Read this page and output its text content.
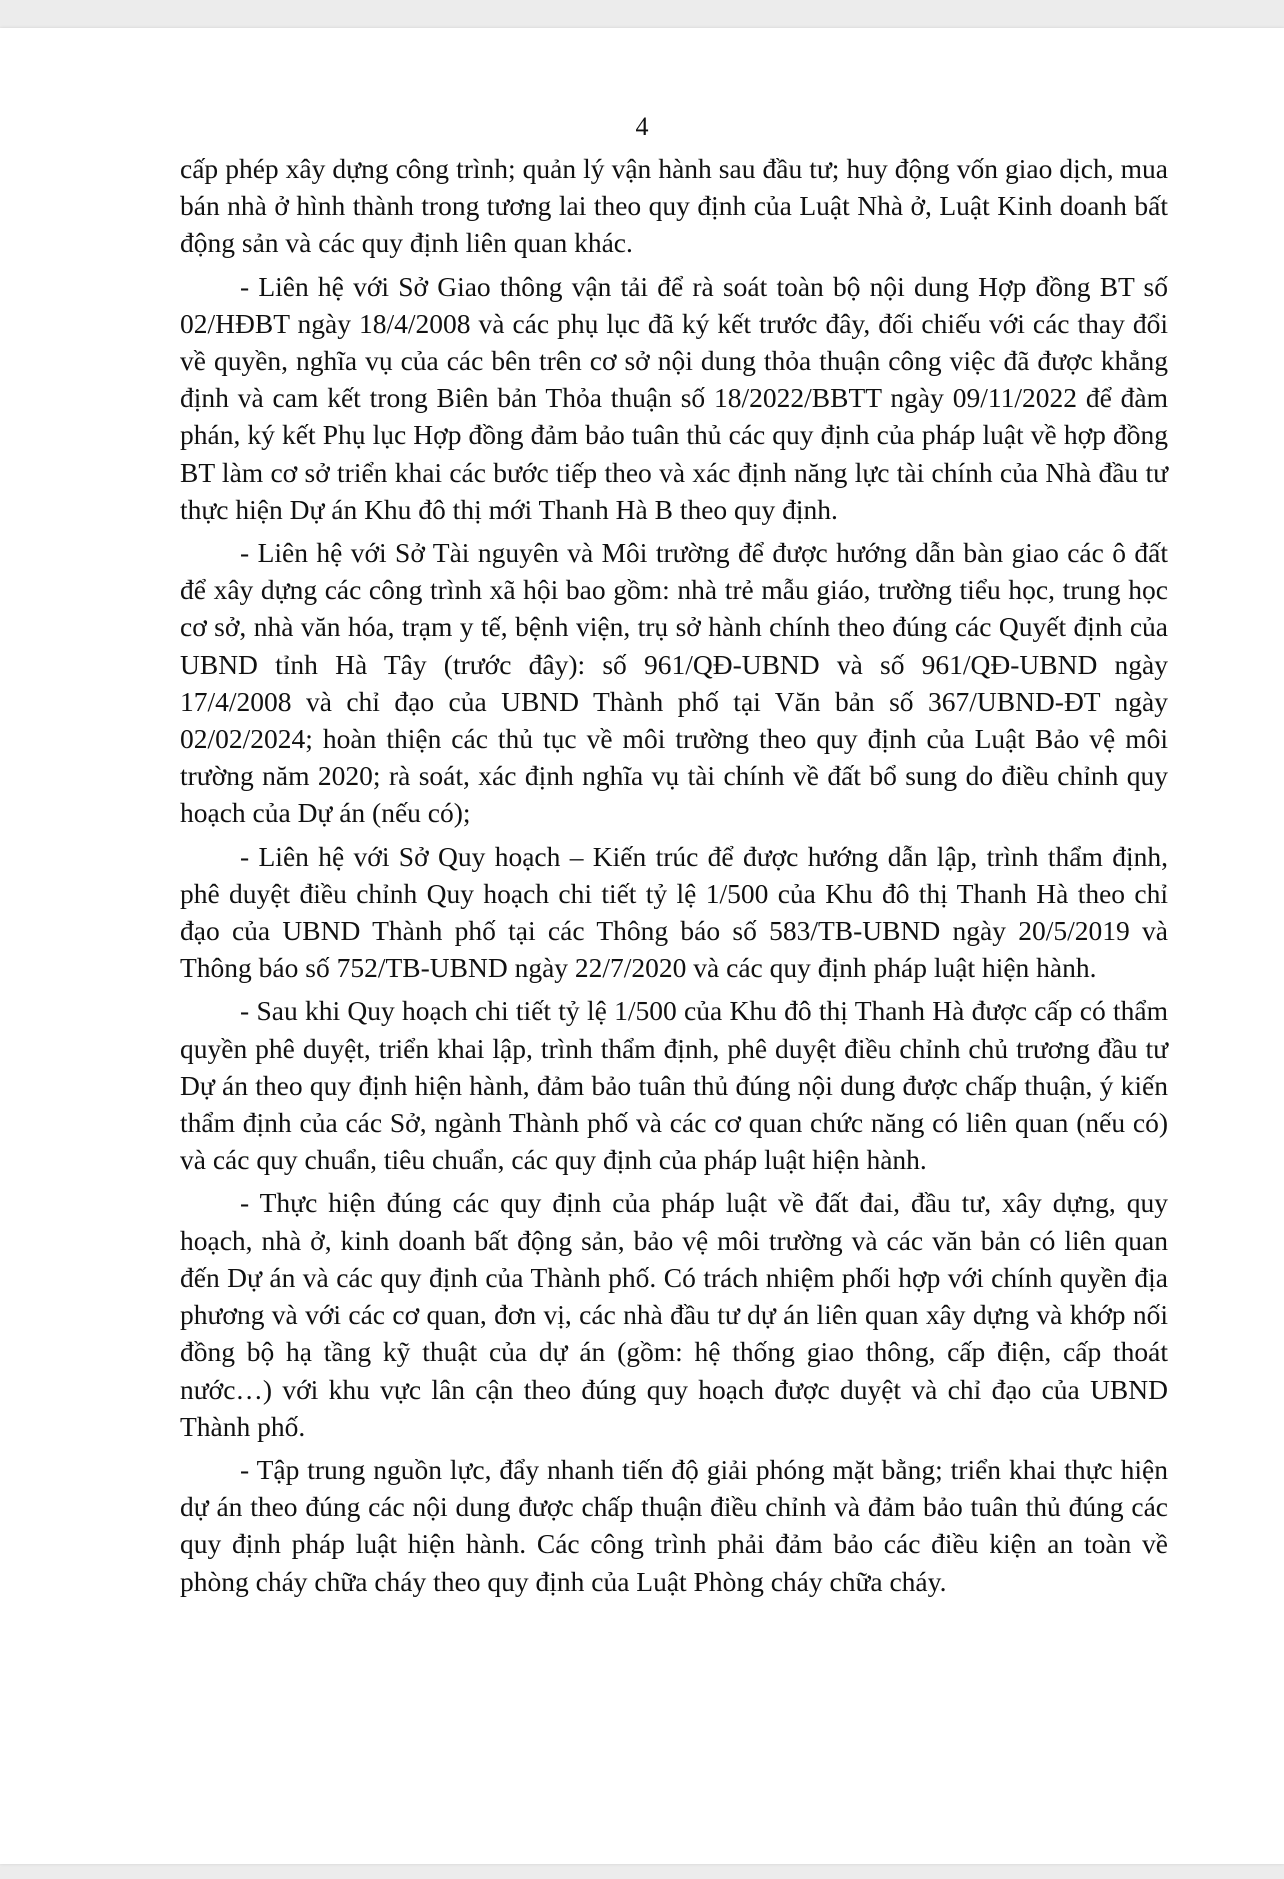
4

cấp phép xây dựng công trình; quản lý vận hành sau đầu tư; huy động vốn giao dịch, mua bán nhà ở hình thành trong tương lai theo quy định của Luật Nhà ở, Luật Kinh doanh bất động sản và các quy định liên quan khác.

- Liên hệ với Sở Giao thông vận tải để rà soát toàn bộ nội dung Hợp đồng BT số 02/HĐBT ngày 18/4/2008 và các phụ lục đã ký kết trước đây, đối chiếu với các thay đổi về quyền, nghĩa vụ của các bên trên cơ sở nội dung thỏa thuận công việc đã được khẳng định và cam kết trong Biên bản Thỏa thuận số 18/2022/BBTT ngày 09/11/2022 để đàm phán, ký kết Phụ lục Hợp đồng đảm bảo tuân thủ các quy định của pháp luật về hợp đồng BT làm cơ sở triển khai các bước tiếp theo và xác định năng lực tài chính của Nhà đầu tư thực hiện Dự án Khu đô thị mới Thanh Hà B theo quy định.

- Liên hệ với Sở Tài nguyên và Môi trường để được hướng dẫn bàn giao các ô đất để xây dựng các công trình xã hội bao gồm: nhà trẻ mẫu giáo, trường tiểu học, trung học cơ sở, nhà văn hóa, trạm y tế, bệnh viện, trụ sở hành chính theo đúng các Quyết định của UBND tỉnh Hà Tây (trước đây): số 961/QĐ-UBND và số 961/QĐ-UBND ngày 17/4/2008 và chỉ đạo của UBND Thành phố tại Văn bản số 367/UBND-ĐT ngày 02/02/2024; hoàn thiện các thủ tục về môi trường theo quy định của Luật Bảo vệ môi trường năm 2020; rà soát, xác định nghĩa vụ tài chính về đất bổ sung do điều chỉnh quy hoạch của Dự án (nếu có);

- Liên hệ với Sở Quy hoạch – Kiến trúc để được hướng dẫn lập, trình thẩm định, phê duyệt điều chỉnh Quy hoạch chi tiết tỷ lệ 1/500 của Khu đô thị Thanh Hà theo chỉ đạo của UBND Thành phố tại các Thông báo số 583/TB-UBND ngày 20/5/2019 và Thông báo số 752/TB-UBND ngày 22/7/2020 và các quy định pháp luật hiện hành.

- Sau khi Quy hoạch chi tiết tỷ lệ 1/500 của Khu đô thị Thanh Hà được cấp có thẩm quyền phê duyệt, triển khai lập, trình thẩm định, phê duyệt điều chỉnh chủ trương đầu tư Dự án theo quy định hiện hành, đảm bảo tuân thủ đúng nội dung được chấp thuận, ý kiến thẩm định của các Sở, ngành Thành phố và các cơ quan chức năng có liên quan (nếu có) và các quy chuẩn, tiêu chuẩn, các quy định của pháp luật hiện hành.

- Thực hiện đúng các quy định của pháp luật về đất đai, đầu tư, xây dựng, quy hoạch, nhà ở, kinh doanh bất động sản, bảo vệ môi trường và các văn bản có liên quan đến Dự án và các quy định của Thành phố. Có trách nhiệm phối hợp với chính quyền địa phương và với các cơ quan, đơn vị, các nhà đầu tư dự án liên quan xây dựng và khớp nối đồng bộ hạ tầng kỹ thuật của dự án (gồm: hệ thống giao thông, cấp điện, cấp thoát nước…) với khu vực lân cận theo đúng quy hoạch được duyệt và chỉ đạo của UBND Thành phố.

- Tập trung nguồn lực, đẩy nhanh tiến độ giải phóng mặt bằng; triển khai thực hiện dự án theo đúng các nội dung được chấp thuận điều chỉnh và đảm bảo tuân thủ đúng các quy định pháp luật hiện hành. Các công trình phải đảm bảo các điều kiện an toàn về phòng cháy chữa cháy theo quy định của Luật Phòng cháy chữa cháy.
